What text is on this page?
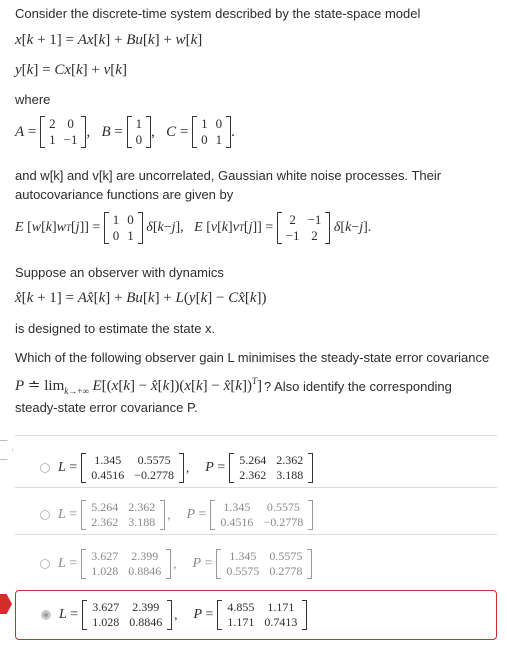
Consider the discrete-time system described by the state-space model
x[k + 1] = Ax[k] + Bu[k] + w[k]
y[k] = Cx[k] + v[k]
where
A = 2	0
1	−1 , B = 1
0 , C = 1	0
0	1 .
and w[k] and v[k] are uncorrelated, Gaussian white noise processes. Their
autocovariance functions are given by
E [ w [ k ] w T [ j ]] =
1	0
0	1

δ [ k − j ], E [ v [ k ] v T [ j ]] =
2	−1
−1	2

δ [ k − j ].
Suppose an observer with dynamics
x̂[k + 1] = Ax̂[k] + Bu[k] + L(y[k] − Cx̂[k])
is designed to estimate the state x.
Which of the following observer gain L minimises the steady-state error covariance
P ≐ $\lim_{k\to+\infty} E[(x[k]$ − x̂[k])(x[k] − x̂[k])$^T$] ? Also identify the corresponding
steady-state error covariance P.
L = 1.345	0.5575
0.4516	−0.2778 , P = 5.264	2.362
2.362	3.188
L = 5.264	2.362
2.362	3.188 , P = 1.345	0.5575
0.4516	−0.2778
L = 3.627	2.399
1.028	0.8846 , P = 1.345	0.5575
0.5575	0.2778
L = 3.627	2.399
1.028	0.8846 , P = 4.855	1.171
1.171	0.7413
